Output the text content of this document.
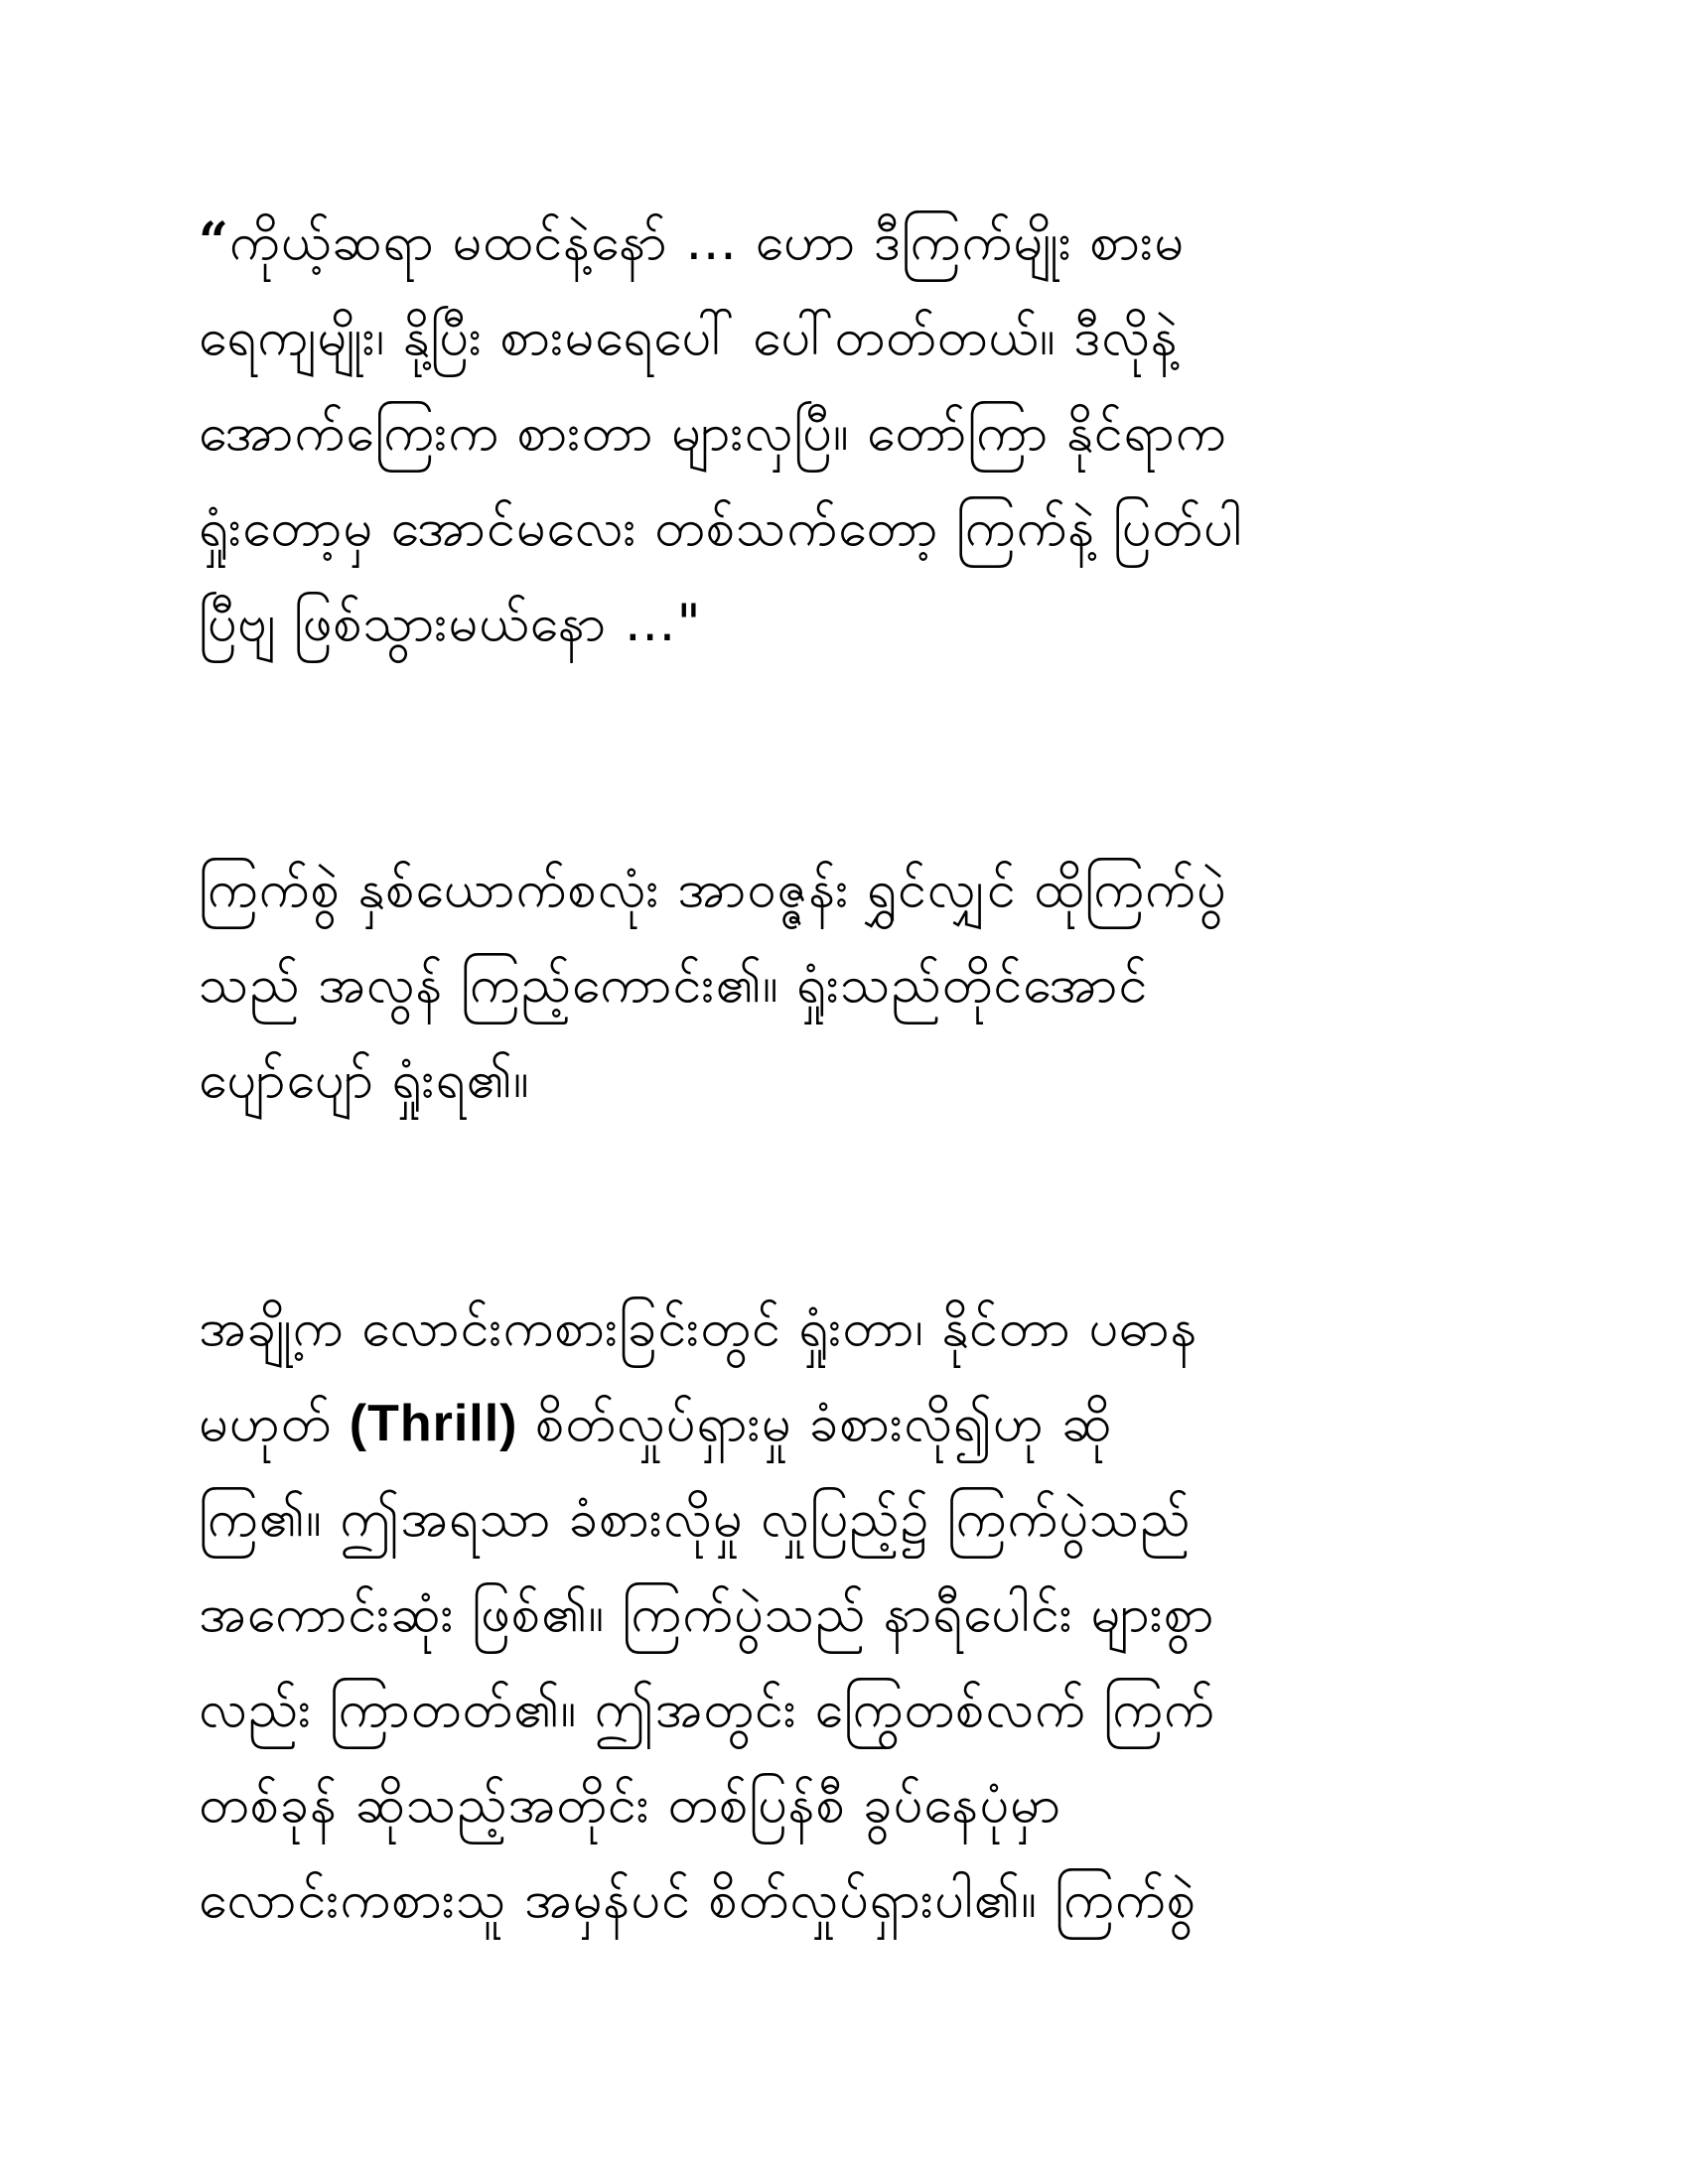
“ကိုယ့်ဆရာ မထင်နဲ့နော် … ဟော ဒီကြက်မျိုး စားမ
ရေကျမျိုး၊ နို့ပြီး စားမရေပေါ် ပေါ်တတ်တယ်။ ဒီလိုနဲ့
အောက်ကြေးက စားတာ များလှပြီ။ တော်ကြာ နိုင်ရာက
ရှုံးတော့မှ အောင်မလေး တစ်သက်တော့ ကြက်နဲ့ ပြတ်ပါ
ပြီဗျ ဖြစ်သွားမယ်နော …"
ကြက်စွဲ နှစ်ယောက်စလုံး အာဝဇ္ဇန်း ရွှင်လျှင် ထိုကြက်ပွဲ
သည် အလွန် ကြည့်ကောင်း၏။ ရှုံးသည်တိုင်အောင်
ပျော်ပျော် ရှုံးရ၏။
အချို့က လောင်းကစားခြင်းတွင် ရှုံးတာ၊ နိုင်တာ ပဓာန
မဟုတ် (Thrill) စိတ်လှုပ်ရှားမှု ခံစားလို၍ဟု ဆို
ကြ၏။ ဤအရသာ ခံစားလိုမှု လှုပြည့်၌ ကြက်ပွဲသည်
အကောင်းဆုံး ဖြစ်၏။ ကြက်ပွဲသည် နာရီပေါင်း များစွာ
လည်း ကြာတတ်၏။ ဤအတွင်း ကြွေတစ်လက် ကြက်
တစ်ခုန် ဆိုသည့်အတိုင်း တစ်ပြန်စီ ခွပ်နေပုံမှာ
လောင်းကစားသူ အမှန်ပင် စိတ်လှုပ်ရှားပါ၏။ ကြက်စွဲ
